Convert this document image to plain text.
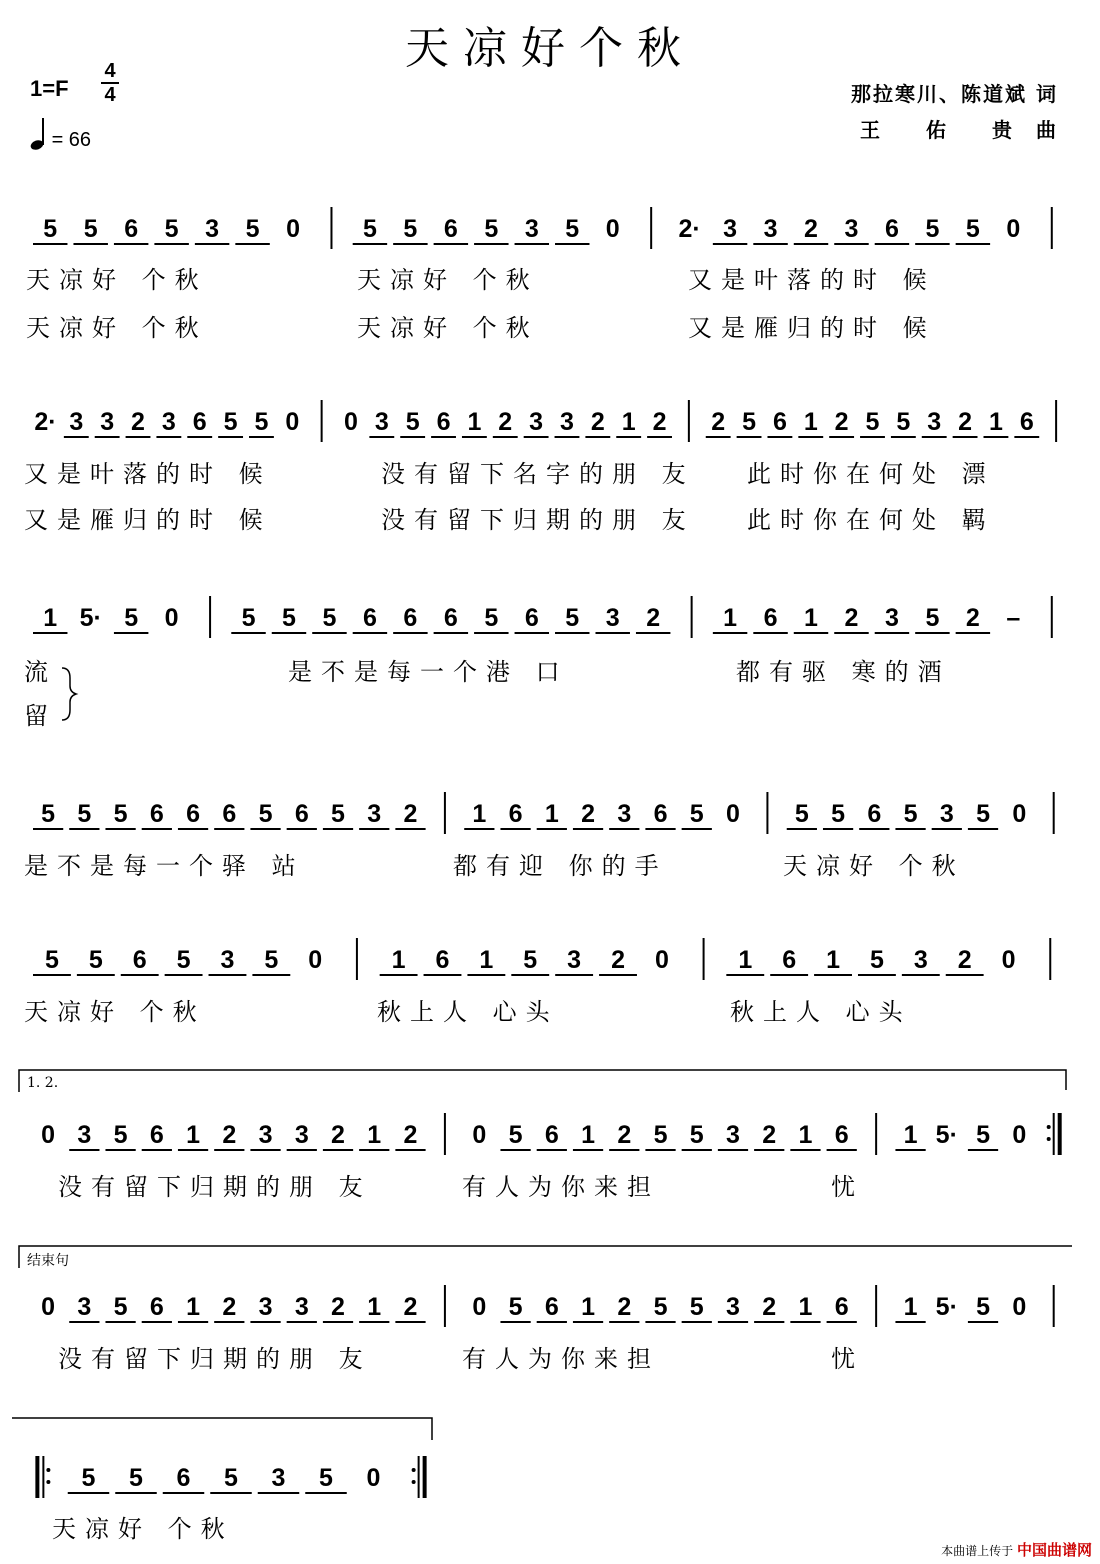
天凉好个秋
1=F
4
4
= 66
那拉寒川、陈道斌 词
王　　佑　　贵　曲
5 5 6 5 3 5 0	5 5 6 5 3 5 0 2· 3 3 2 3 6 5 5 0
2· 3 3 2 3 6 5 5 0 0 3 5 6 1 2 3 3 2 1 2 2 5 6 1 2 5 5 3 2 1 6
1 5· 5 0	5 5 5 6 6 6 5 6 5 3 2	1 6 1 2 3 5 2 –
5 5 5 6 6 6 5 6 5 3 2 1 6 1 2 3 6 5 0 5 5 6 5 3 5 0
5 5 6 5 3 5 0	1 6 1 5 3 2 0	1 6 1 5 3 2 0
0 3 5 6 1 2 3 3 2 1 2 0 5 6 1 2 5 5 3 2 1 6 1 5· 5 0
0 3 5 6 1 2 3 3 2 1 2 0 5 6 1 2 5 5 3 2 1 6 1 5· 5 0
5 5 6 5 3 5 0
天凉好 个秋	天凉好 个秋	又是叶落的时 候
天凉好 个秋	天凉好 个秋	又是雁归的时 候
又是叶落的时 候	没有留下名字的朋 友 此时你在何处 漂
又是雁归的时 候	没有留下归期的朋 友 此时你在何处 羁
流	是不是每一个港 口	都有驱 寒的酒
留
是不是每一个驿 站	都有迎 你的手	天凉好 个秋
天凉好 个秋	秋上人 心头	秋上人 心头
没有留下归期的朋 友	有人为你来担	忧
没有留下归期的朋 友	有人为你来担	忧
天凉好 个秋
1. 2.
结束句
本曲谱上传于 中国曲谱网
